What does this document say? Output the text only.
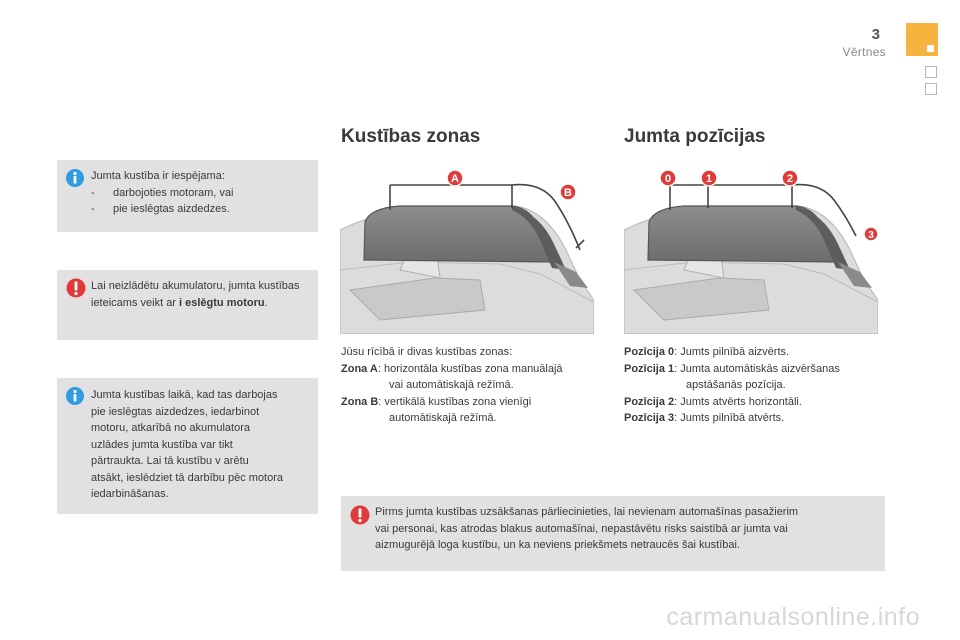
3
Vērtnes
Jumta kustība ir iespējama:
- darbojoties motoram, vai
- pie ieslēgtas aizdedzes.
Lai neizlādētu akumulatoru, jumta kustības ieteicams veikt ar i eslēgtu motoru.
Jumta kustības laikā, kad tas darbojas
pie ieslēgtas aizdedzes, iedarbinot
motoru, atkarībā no akumulatora
uzlādes jumta kustība var tikt
pārtraukta. Lai tā kustību v arētu
atsākt, ieslēdziet tā darbību pēc motora
iedarbināšanas.
Kustības zonas	Jumta pozīcijas
A
B
0	1	2
3
Jūsu rīcībā ir divas kustības zonas:
Zona A: horizontāla kustības zona manuālajā
vai automātiskajā režīmā.
Zona B: vertikālā kustības zona vienīgi
automātiskajā režīmā.
Pozīcija 0: Jumts pilnībā aizvērts.
Pozīcija 1: Jumta automātiskās aizvēršanas
apstāšanās pozīcija.
Pozīcija 2: Jumts atvērts horizontāli.
Pozīcija 3: Jumts pilnībā atvērts.
Pirms jumta kustības uzsākšanas pārliecinieties, lai nevienam automašīnas pasažierim
vai personai, kas atrodas blakus automašīnai, nepastāvētu risks saistībā ar jumta vai
aizmugurējā loga kustību, un ka neviens priekšmets netraucēs šai kustībai.
carmanualsonline.info
